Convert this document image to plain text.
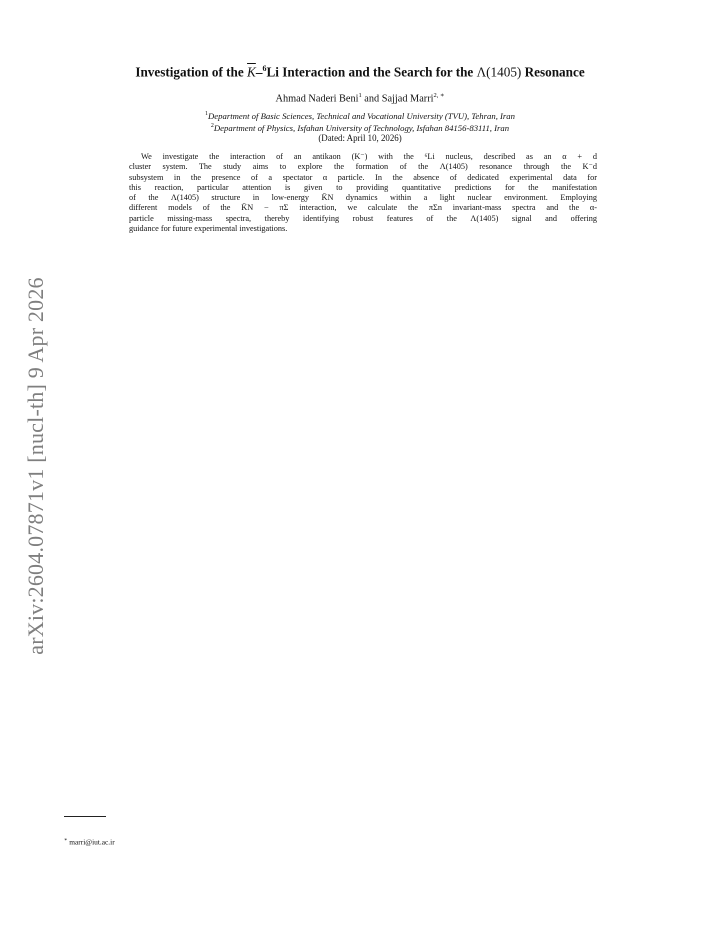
arXiv:2604.07871v1 [nucl-th] 9 Apr 2026
Investigation of the K–$^6$Li Interaction and the Search for the Λ(1405) Resonance

Ahmad Naderi Beni$^1$ and Sajjad Marri$^{2, ∗}$

$^1$Department of Basic Sciences, Technical and Vocational University (TVU), Tehran, Iran

$^2$Department of Physics, Isfahan University of Technology, Isfahan 84156-83111, Iran

(Dated: April 10, 2026)

We investigate the interaction of an antikaon (K⁻) with the ⁶Li nucleus, described as an α + d
cluster system. The study aims to explore the formation of the Λ(1405) resonance through the K⁻d
subsystem in the presence of a spectator α particle. In the absence of dedicated experimental data for
this reaction, particular attention is given to providing quantitative predictions for the manifestation
of the Λ(1405) structure in low-energy K̄N dynamics within a light nuclear environment. Employing
different models of the K̄N − πΣ interaction, we calculate the πΣn invariant-mass spectra and the α-
particle missing-mass spectra, thereby identifying robust features of the Λ(1405) signal and offering
guidance for future experimental investigations.

∗ marri@iut.ac.ir
